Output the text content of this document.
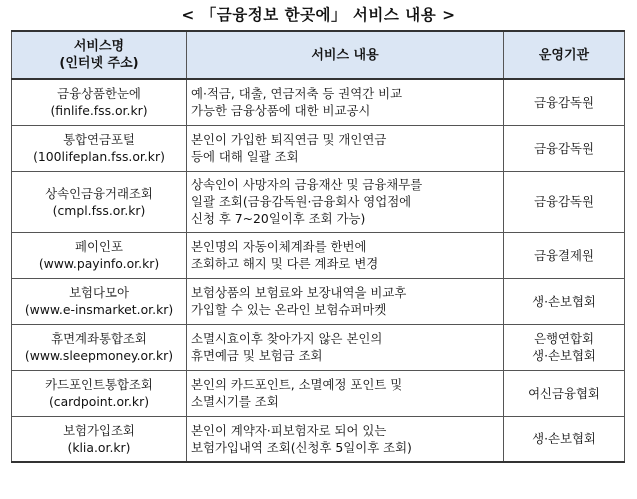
< 「금융정보 한곳에」 서비스 내용 >
서비스명
(인터넷 주소)	서비스 내용	운영기관

금융상품한눈에
(finlife.fss.or.kr)	예·적금, 대출, 연금저축 등 권역간 비교
가능한 금융상품에 대한 비교공시	금융감독원

통합연금포털
(100lifeplan.fss.or.kr)	본인이 가입한 퇴직연금 및 개인연금
등에 대해 일괄 조회	금융감독원

상속인금융거래조회
(cmpl.fss.or.kr)	상속인이 사망자의 금융재산 및 금융채무를
일괄 조회(금융감독원·금융회사 영업점에
신청 후 7~20일이후 조회 가능)	금융감독원

페이인포
(www.payinfo.or.kr)	본인명의 자동이체계좌를 한번에
조회하고 해지 및 다른 계좌로 변경	금융결제원

보험다모아
(www.e-insmarket.or.kr)	보험상품의 보험료와 보장내역을 비교후
가입할 수 있는 온라인 보험슈퍼마켓	생·손보협회

휴면계좌통합조회
(www.sleepmoney.or.kr)	소멸시효이후 찾아가지 않은 본인의
휴면예금 및 보험금 조회	은행연합회
생·손보협회

카드포인트통합조회
(cardpoint.or.kr)	본인의 카드포인트, 소멸예정 포인트 및
소멸시기를 조회	여신금융협회

보험가입조회
(klia.or.kr)	본인이 계약자·피보험자로 되어 있는
보험가입내역 조회(신청후 5일이후 조회)	생·손보협회
